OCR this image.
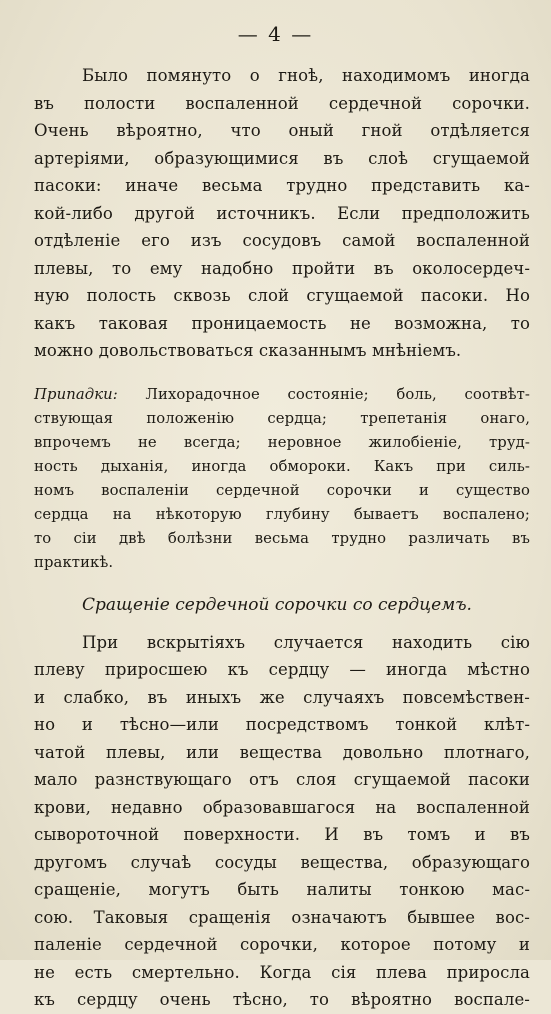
— 4 —
Было помянуто о гноѣ, находимомъ иногда
въ полости воспаленной сердечной сорочки.
Очень вѣроятно, что оный гной отдѣляется
артеріями, образующимися въ слоѣ сгущаемой
пасоки: иначе весьма трудно представить ка-
кой-либо другой источникъ. Если предположить
отдѣленіе его изъ сосудовъ самой воспаленной
плевы, то ему надобно пройти въ околосердеч-
ную полость сквозь слой сгущаемой пасоки. Но
какъ таковая проницаемость не возможна, то
можно довольствоваться сказаннымъ мнѣніемъ.
Припадки: Лихорадочное состояніе; боль, соотвѣт-
ствующая положенію сердца; трепетанія онаго,
впрочемъ не всегда; неровное жилобіеніе, труд-
ность дыханія, иногда обмороки. Какъ при силь-
номъ воспаленіи сердечной сорочки и существо
сердца на нѣкоторую глубину бываетъ воспалено;
то сіи двѣ болѣзни весьма трудно различать въ
практикѣ.
Сращеніе сердечной сорочки со сердцемъ.
При вскрытіяхъ случается находить сію
плеву приросшею къ сердцу — иногда мѣстно
и слабко, въ иныхъ же случаяхъ повсемѣствен-
но и тѣсно—или посредствомъ тонкой клѣт-
чатой плевы, или вещества довольно плотнаго,
мало разнствующаго отъ слоя сгущаемой пасоки
крови, недавно образовавшагося на воспаленной
сывороточной поверхности. И въ томъ и въ
другомъ случаѣ сосуды вещества, образующаго
сращеніе, могутъ быть налиты тонкою мас-
сою. Таковыя сращенія означаютъ бывшее вос-
паленіе сердечной сорочки, которое потому и
не есть смертельно. Когда сія плева приросла
къ сердцу очень тѣсно, то вѣроятно воспале-
